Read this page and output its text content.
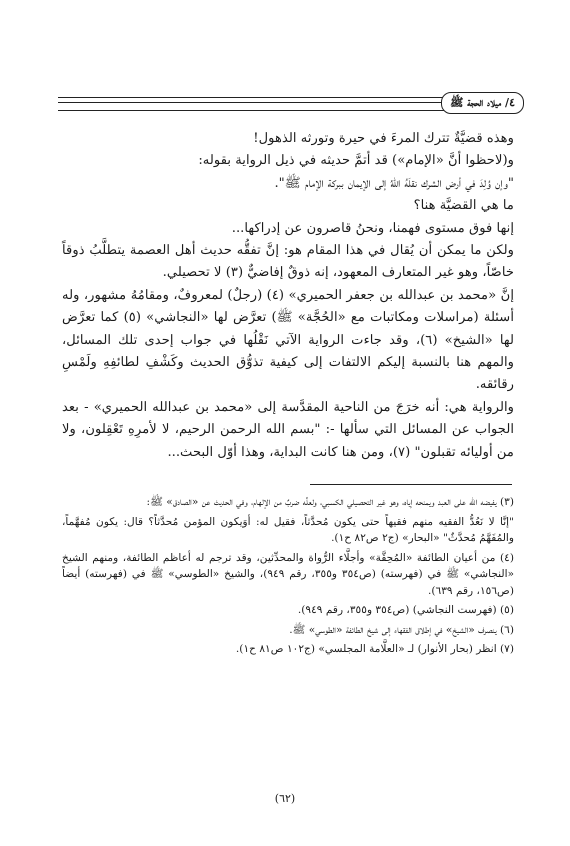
٤/ ميلاد الحجة ﷺ

وهذه قضيَّةٌ تترك المرءَ في حيرة وتورثه الذهول!

و(لاحظوا أنَّ «الإمام») قد أتمَّ حديثه في ذيل الرواية بقوله:

"وإن وُلِدَ في أرض الشرك نقلَهُ اللهُ إلى الإيمان ببركة الإمام ﷺ".

ما هي القضيَّة هنا؟

إنها فوق مستوى فهمنا، ونحنُ قاصرون عن إدراكها...

ولكن ما يمكن أن يُقال في هذا المقام هو: إنَّ تفقُّه حديث أهل العصمة يتطلَّبُ ذوقاً خاصّاً، وهو غير المتعارف المعهود، إنه ذوقٌ إفاضيٌّ (٣) لا تحصيلي.

إنَّ «محمد بن عبدالله بن جعفر الحميري» (٤) (رجلٌ) لمعروفٌ، ومقامُهُ مشهور، وله أسئلة (مراسلات ومكاتبات مع «الحُجَّة» ﷺ) تعرَّض لها «النجاشي» (٥) كما تعرَّض لها «الشيخ» (٦)، وقد جاءت الرواية الآتي نَقْلُها في جواب إحدى تلك المسائل، والمهم هنا بالنسبة إليكم الالتفات إلى كيفية تذوُّق الحديث وكَشْفِ لطائفِهِ ولَمْسِ رقائقه.

والرواية هي: أنه خرَجَ من الناحية المقدَّسة إلى «محمد بن عبدالله الحميري» - بعد الجواب عن المسائل التي سألها -: "بسم الله الرحمن الرحيم، لا لأمرِهِ تَعْقِلون، ولا من أوليائه تقبلون" (٧)، ومن هنا كانت البداية، وهذا أوّل البحث...

(٣) يفيضه الله على العبد ويمنحه إياه، وهو غير التحصيلي الكسبي، ولعلَّه ضربٌ من الإلهام، وفي الحديث عن «الصادق» ﷺ:

"إنَّا لا نَعُدُّ الفقيه منهم فقيهاً حتى يكون مُحدَّثاً، فقيل له: أوَيكون المؤمن مُحدَّثاً؟ قال: يكون مُفهَّماً، والمُفَهَّمُ مُحدَّثٌ" «البحار» (ج٢ ص٨٢ ح١).

(٤) من أعيان الطائفة «المُحِقَّة» وأجلَّاء الرُّواة والمحدِّثين، وقد ترجم له أعاظم الطائفة، ومنهم الشيخ «النجاشي» ﷺ في (فهرسته) (ص٣٥٤ و٣٥٥، رقم ٩٤٩)، والشيخ «الطوسي» ﷺ في (فهرسته) أيضاً (ص١٥٦، رقم ٦٣٩).

(٥) (فهرست النجاشي) (ص٣٥٤ و٣٥٥، رقم ٩٤٩).

(٦) ينصرف «الشيخ» في إطلاق الفقهاء إلى شيخ الطائفة «الطوسي» ﷺ.

(٧) انظر (بحار الأنوار) لـ «العلَّامة المجلسي» (ج١٠٢ ص٨١ ح١).

(٦٢)
